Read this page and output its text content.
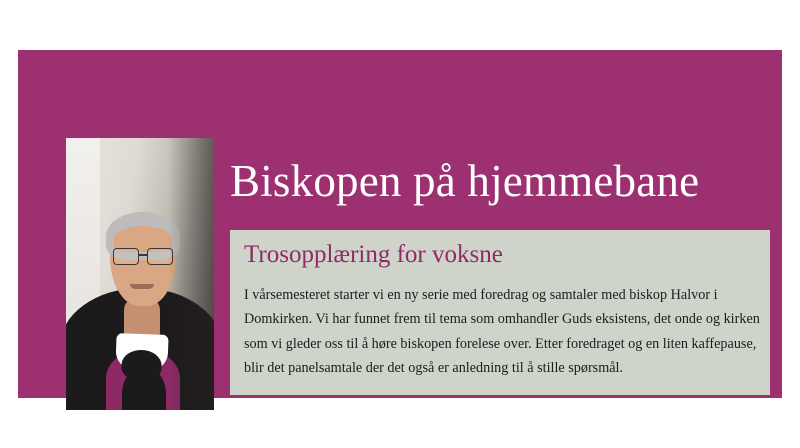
Biskopen på hjemmebane
Trosopplæring for voksne
I vårsemesteret starter vi en ny serie med foredrag og samtaler med biskop Halvor i Domkirken. Vi har funnet frem til tema som omhandler Guds eksistens, det onde og kirken som vi gleder oss til å høre biskopen forelese over. Etter foredraget og en liten kaffepause, blir det panelsamtale der det også er anledning til å stille spørsmål.
